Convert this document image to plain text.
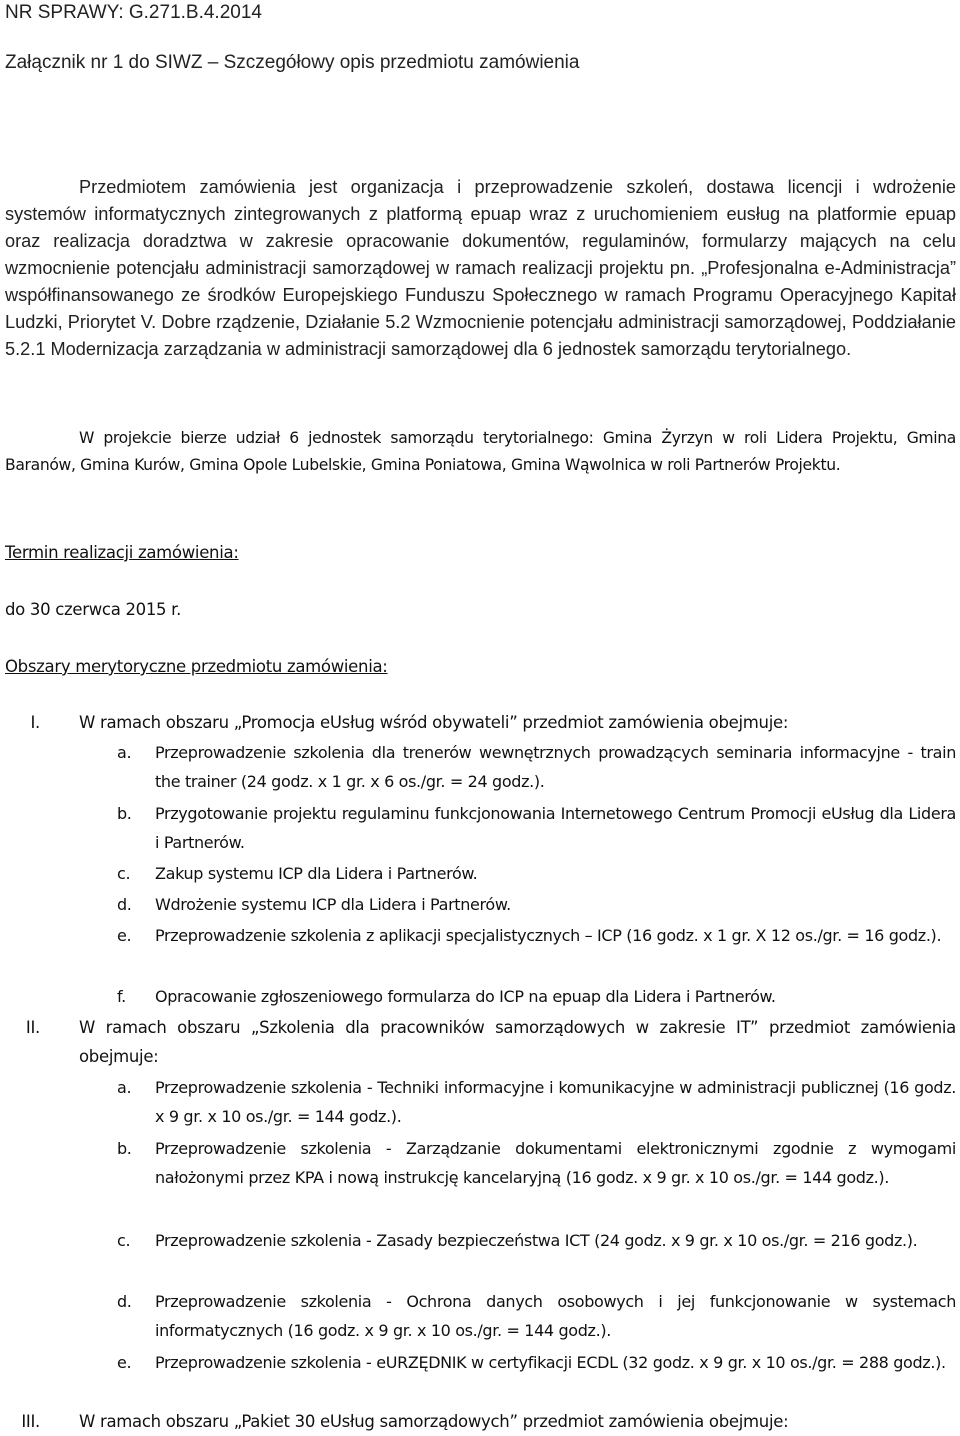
NR SPRAWY: G.271.B.4.2014
Załącznik nr 1 do SIWZ – Szczegółowy opis przedmiotu zamówienia

Przedmiotem zamówienia jest organizacja i przeprowadzenie szkoleń, dostawa licencji i wdrożenie systemów informatycznych zintegrowanych z platformą epuap wraz z uruchomieniem eusług na platformie epuap oraz realizacja doradztwa w zakresie opracowanie dokumentów, regulaminów, formularzy mających na celu wzmocnienie potencjału administracji samorządowej w ramach realizacji projektu pn. „Profesjonalna e-Administracja” współfinansowanego ze środków Europejskiego Funduszu Społecznego w ramach Programu Operacyjnego Kapitał Ludzki, Priorytet V. Dobre rządzenie, Działanie 5.2 Wzmocnienie potencjału administracji samorządowej, Poddziałanie 5.2.1 Modernizacja zarządzania w administracji samorządowej dla 6 jednostek samorządu terytorialnego.

W projekcie bierze udział 6 jednostek samorządu terytorialnego: Gmina Żyrzyn w roli Lidera Projektu, Gmina Baranów, Gmina Kurów, Gmina Opole Lubelskie, Gmina Poniatowa, Gmina Wąwolnica w roli Partnerów Projektu.

Termin realizacji zamówienia:

do 30 czerwca 2015 r.

Obszary merytoryczne przedmiotu zamówienia:

I. W ramach obszaru „Promocja eUsług wśród obywateli” przedmiot zamówienia obejmuje:
a. Przeprowadzenie szkolenia dla trenerów wewnętrznych prowadzących seminaria informacyjne - train the trainer (24 godz. x 1 gr. x 6 os./gr. = 24 godz.).
b. Przygotowanie projektu regulaminu funkcjonowania Internetowego Centrum Promocji eUsług dla Lidera i Partnerów.
c. Zakup systemu ICP dla Lidera i Partnerów.
d. Wdrożenie systemu ICP dla Lidera i Partnerów.
e. Przeprowadzenie szkolenia z aplikacji specjalistycznych – ICP (16 godz. x 1 gr. X 12 os./gr. = 16 godz.).
f. Opracowanie zgłoszeniowego formularza do ICP na epuap dla Lidera i Partnerów.
II. W ramach obszaru „Szkolenia dla pracowników samorządowych w zakresie IT” przedmiot zamówienia obejmuje:
a. Przeprowadzenie szkolenia - Techniki informacyjne i komunikacyjne w administracji publicznej (16 godz. x 9 gr. x 10 os./gr. = 144 godz.).
b. Przeprowadzenie szkolenia - Zarządzanie dokumentami elektronicznymi zgodnie z wymogami nałożonymi przez KPA i nową instrukcję kancelaryjną (16 godz. x 9 gr. x 10 os./gr. = 144 godz.).
c. Przeprowadzenie szkolenia - Zasady bezpieczeństwa ICT (24 godz. x 9 gr. x 10 os./gr. = 216 godz.).
d. Przeprowadzenie szkolenia - Ochrona danych osobowych i jej funkcjonowanie w systemach informatycznych (16 godz. x 9 gr. x 10 os./gr. = 144 godz.).
e. Przeprowadzenie szkolenia - eURZĘDNIK w certyfikacji ECDL (32 godz. x 9 gr. x 10 os./gr. = 288 godz.).
III. W ramach obszaru „Pakiet 30 eUsług samorządowych” przedmiot zamówienia obejmuje:
